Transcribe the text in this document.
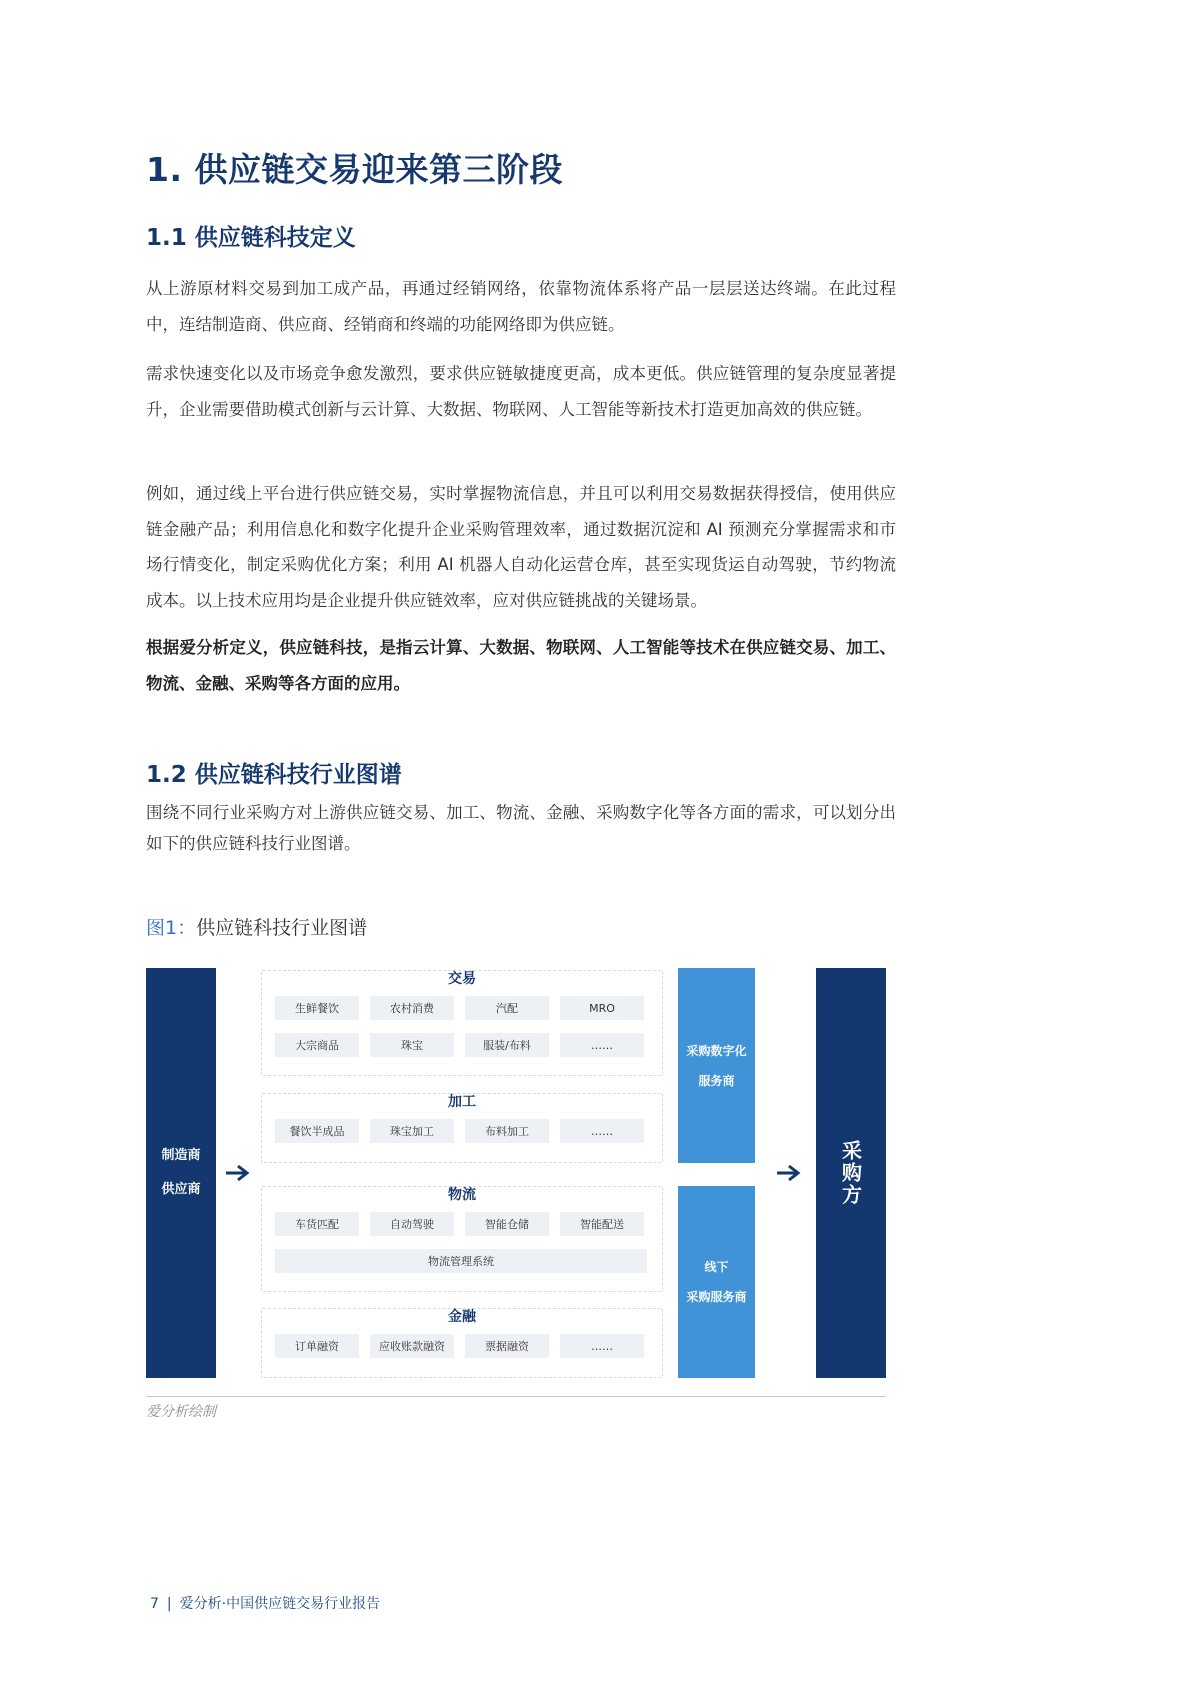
1. 供应链交易迎来第三阶段
1.1 供应链科技定义

从上游原材料交易到加工成产品，再通过经销网络，依靠物流体系将产品一层层送达终端。在此过程中，连结制造商、供应商、经销商和终端的功能网络即为供应链。

需求快速变化以及市场竞争愈发激烈，要求供应链敏捷度更高，成本更低。供应链管理的复杂度显著提升，企业需要借助模式创新与云计算、大数据、物联网、人工智能等新技术打造更加高效的供应链。

例如，通过线上平台进行供应链交易，实时掌握物流信息，并且可以利用交易数据获得授信，使用供应链金融产品；利用信息化和数字化提升企业采购管理效率，通过数据沉淀和 AI 预测充分掌握需求和市场行情变化，制定采购优化方案；利用 AI 机器人自动化运营仓库，甚至实现货运自动驾驶，节约物流成本。以上技术应用均是企业提升供应链效率，应对供应链挑战的关键场景。

根据爱分析定义，供应链科技，是指云计算、大数据、物联网、人工智能等技术在供应链交易、加工、物流、金融、采购等各方面的应用。

1.2 供应链科技行业图谱

围绕不同行业采购方对上游供应链交易、加工、物流、金融、采购数字化等各方面的需求，可以划分出如下的供应链科技行业图谱。

图1：供应链科技行业图谱

制造商
供应商
交易
生鲜餐饮	农村消费	汽配	MRO
大宗商品	珠宝	服装/布料	……
加工
餐饮半成品	珠宝加工	布料加工	……
物流
车货匹配	自动驾驶	智能仓储	智能配送
物流管理系统
金融
订单融资	应收账款融资	票据融资	……
采购数字化
服务商
线下
采购服务商
采购方

爱分析绘制

7 | 爱分析·中国供应链交易行业报告
